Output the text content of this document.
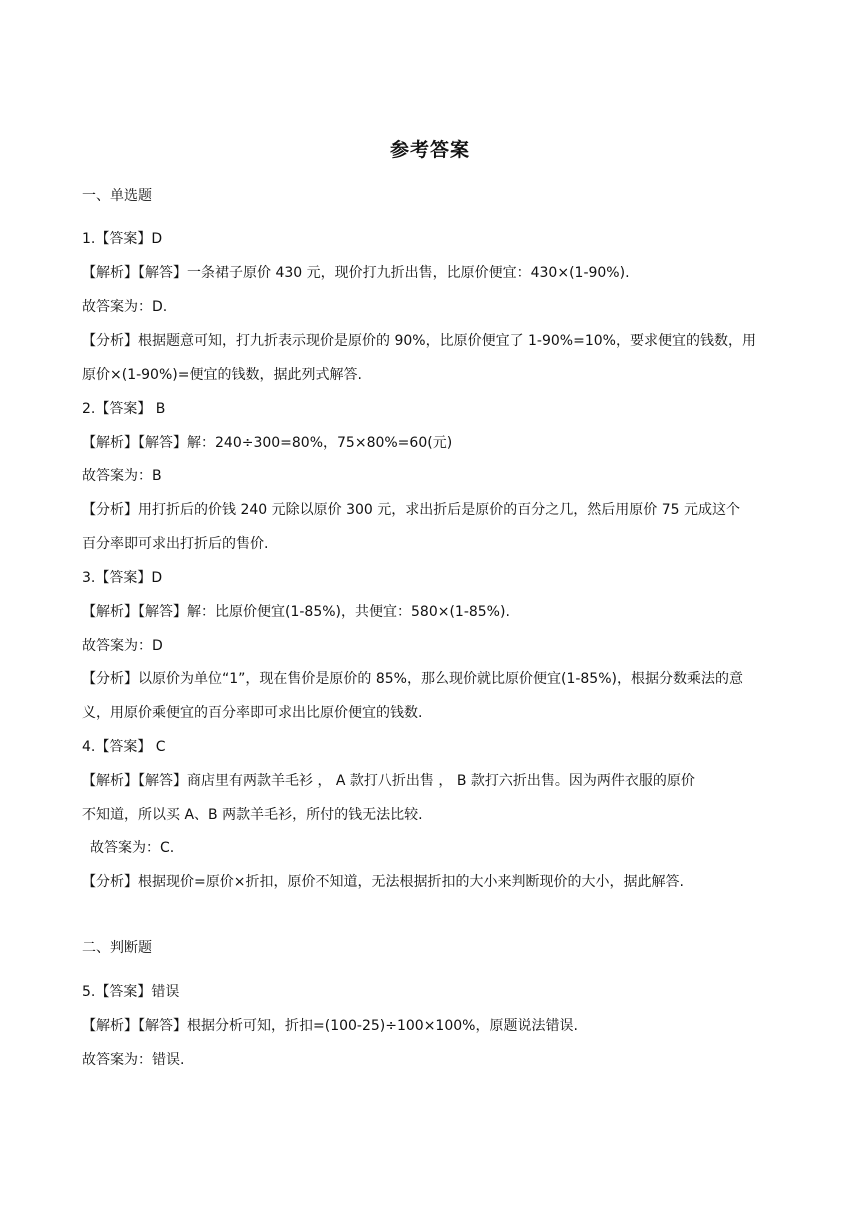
参考答案
一、单选题
1.【答案】D
【解析】【解答】一条裙子原价 430 元，现价打九折出售，比原价便宜：430×(1-90%).
故答案为：D.
【分析】根据题意可知，打九折表示现价是原价的 90%，比原价便宜了 1-90%=10%，要求便宜的钱数，用
原价×(1-90%)=便宜的钱数，据此列式解答.
2.【答案】 B
【解析】【解答】解：240÷300=80%，75×80%=60(元)
故答案为：B
【分析】用打折后的价钱 240 元除以原价 300 元，求出折后是原价的百分之几，然后用原价 75 元成这个
百分率即可求出打折后的售价.
3.【答案】D
【解析】【解答】解：比原价便宜(1-85%)，共便宜：580×(1-85%).
故答案为：D
【分析】以原价为单位“1”，现在售价是原价的 85%，那么现价就比原价便宜(1-85%)，根据分数乘法的意
义，用原价乘便宜的百分率即可求出比原价便宜的钱数.
4.【答案】 C
【解析】【解答】商店里有两款羊毛衫 ， A 款打八折出售 ， B 款打六折出售。因为两件衣服的原价
不知道，所以买 A、B 两款羊毛衫，所付的钱无法比较.
故答案为：C.
【分析】根据现价=原价×折扣，原价不知道，无法根据折扣的大小来判断现价的大小，据此解答.
二、判断题
5.【答案】错误
【解析】【解答】根据分析可知，折扣=(100-25)÷100×100%，原题说法错误.
故答案为：错误.
